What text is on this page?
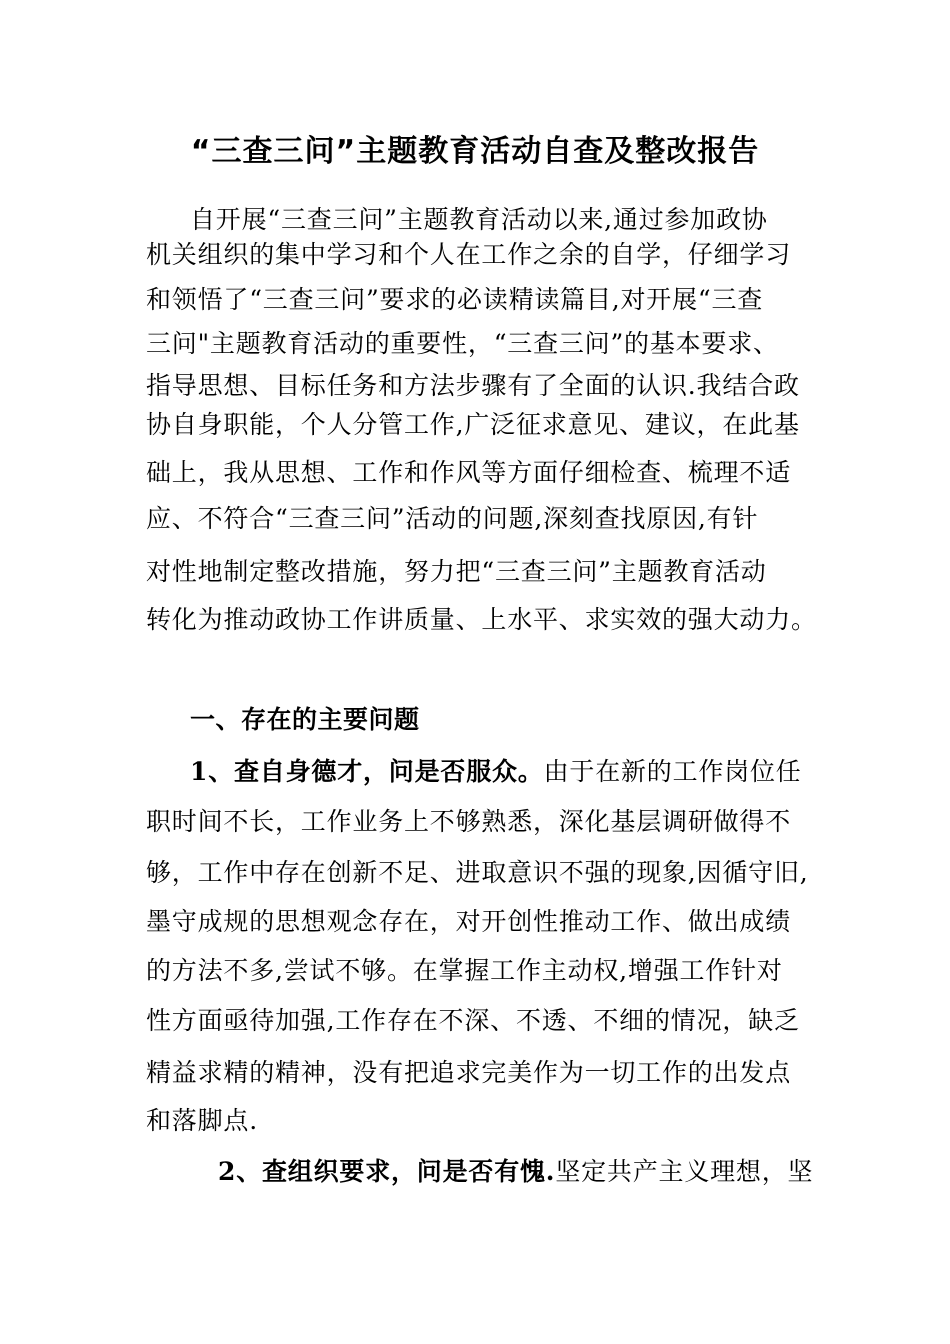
“三查三问”主题教育活动自查及整改报告
自开展“三查三问”主题教育活动以来,通过参加政协
机关组织的集中学习和个人在工作之余的自学，仔细学习
和领悟了“三查三问”要求的必读精读篇目,对开展“三查
三问"主题教育活动的重要性，“三查三问”的基本要求、
指导思想、目标任务和方法步骤有了全面的认识.我结合政
协自身职能，个人分管工作,广泛征求意见、建议，在此基
础上，我从思想、工作和作风等方面仔细检查、梳理不适
应、不符合“三查三问”活动的问题,深刻查找原因,有针
对性地制定整改措施，努力把“三查三问”主题教育活动
转化为推动政协工作讲质量、上水平、求实效的强大动力。
一、存在的主要问题
1、查自身德才，问是否服众。由于在新的工作岗位任
职时间不长，工作业务上不够熟悉，深化基层调研做得不
够，工作中存在创新不足、进取意识不强的现象,因循守旧,
墨守成规的思想观念存在，对开创性推动工作、做出成绩
的方法不多,尝试不够。在掌握工作主动权,增强工作针对
性方面亟待加强,工作存在不深、不透、不细的情况，缺乏
精益求精的精神，没有把追求完美作为一切工作的出发点
和落脚点.
2、查组织要求，问是否有愧.坚定共产主义理想，坚
